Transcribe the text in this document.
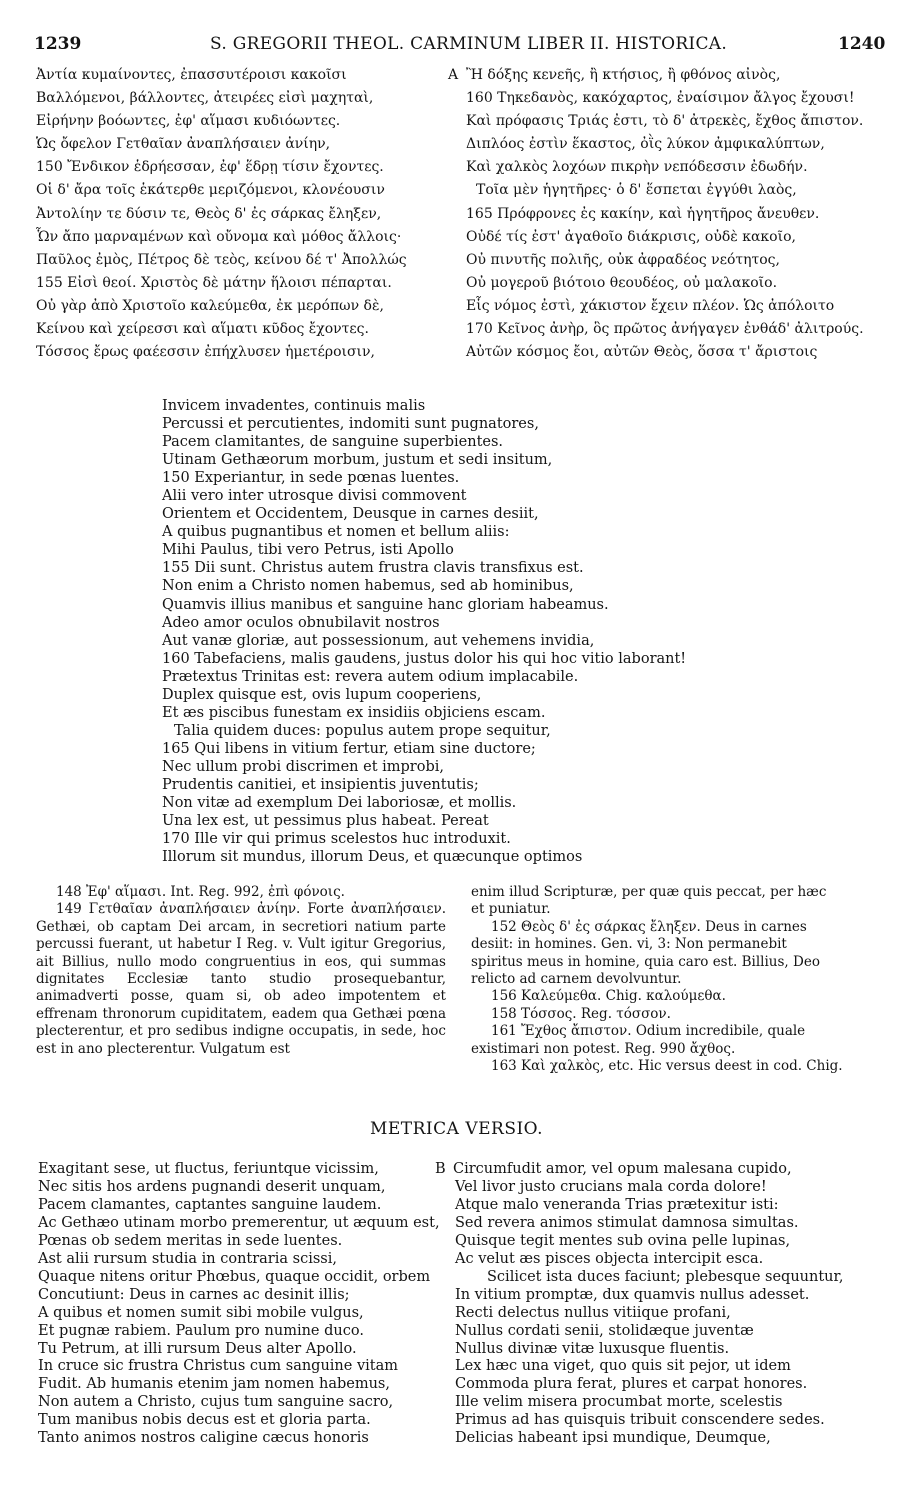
1239	S. GREGORII THEOL. CARMINUM LIBER II. HISTORICA.	1240
Ἀντία κυμαίνοντες, ἐπασσυτέροισι κακοῖσι
Βαλλόμενοι, βάλλοντες, ἀτειρέες εἰσὶ μαχηταὶ,
Εἰρήνην βοόωντες, ἐφ' αἵμασι κυδιόωντες.
Ὡς ὄφελον Γετθαῖαν ἀναπλήσαιεν ἀνίην,
150 Ἔνδικον ἑδρήεσσαν, ἐφ' ἕδρῃ τίσιν ἔχοντες.
Οἱ δ' ἄρα τοῖς ἑκάτερθε μεριζόμενοι, κλονέουσιν
Ἀντολίην τε δύσιν τε, Θεὸς δ' ἐς σάρκας ἔληξεν,
Ὧν ἄπο μαρναμένων καὶ οὔνομα καὶ μόθος ἄλλοις·
Παῦλος ἐμὸς, Πέτρος δὲ τεὸς, κείνου δέ τ' Ἀπολλώς
155 Εἰσὶ θεοί. Χριστὸς δὲ μάτην ἥλοισι πέπαρται.
Οὐ γὰρ ἀπὸ Χριστοῖο καλεύμεθα, ἐκ μερόπων δὲ,
Κείνου καὶ χείρεσσι καὶ αἵματι κῦδος ἔχοντες.
Τόσσος ἔρως φαέεσσιν ἐπήχλυσεν ἡμετέροισιν,
A Ἢ δόξης κενεῆς, ἢ κτήσιος, ἢ φθόνος αἰνὸς,
160 Τηκεδανὸς, κακόχαρτος, ἐναίσιμον ἄλγος ἔχουσι!
Καὶ πρόφασις Τριάς ἐστι, τὸ δ' ἀτρεκὲς, ἔχθος ἄπιστον.
Διπλόος ἐστὶν ἕκαστος, ὀῒς λύκον ἀμφικαλύπτων,
Καὶ χαλκὸς λοχόων πικρὴν νεπόδεσσιν ἐδωδήν.
Τοῖα μὲν ἡγητῆρες· ὁ δ' ἕσπεται ἐγγύθι λαὸς,
165 Πρόφρονες ἐς κακίην, καὶ ἡγητῆρος ἄνευθεν.
Οὐδέ τίς ἐστ' ἀγαθοῖο διάκρισις, οὐδὲ κακοῖο,
Οὐ πινυτῆς πολιῆς, οὐκ ἀφραδέος νεότητος,
Οὐ μογεροῦ βιότοιο θεουδέος, οὐ μαλακοῖο.
Εἷς νόμος ἐστὶ, χάκιστον ἔχειν πλέον. Ὡς ἀπόλοιτο
170 Κεῖνος ἀνὴρ, ὃς πρῶτος ἀνήγαγεν ἐνθάδ' ἀλιτρούς.
Αὐτῶν κόσμος ἔοι, αὐτῶν Θεὸς, ὅσσα τ' ἄριστοις
Invicem invadentes, continuis malis
Percussi et percutientes, indomiti sunt pugnatores,
Pacem clamitantes, de sanguine superbientes.
Utinam Gethæorum morbum, justum et sedi insitum,
150 Experiantur, in sede pœnas luentes.
Alii vero inter utrosque divisi commovent
Orientem et Occidentem, Deusque in carnes desiit,
A quibus pugnantibus et nomen et bellum aliis:
Mihi Paulus, tibi vero Petrus, isti Apollo
155 Dii sunt. Christus autem frustra clavis transfixus est.
Non enim a Christo nomen habemus, sed ab hominibus,
Quamvis illius manibus et sanguine hanc gloriam habeamus.
Adeo amor oculos obnubilavit nostros
Aut vanæ gloriæ, aut possessionum, aut vehemens invidia,
160 Tabefaciens, malis gaudens, justus dolor his qui hoc vitio laborant!
Prætextus Trinitas est: revera autem odium implacabile.
Duplex quisque est, ovis lupum cooperiens,
Et æs piscibus funestam ex insidiis objiciens escam.
Talia quidem duces: populus autem prope sequitur,
165 Qui libens in vitium fertur, etiam sine ductore;
Nec ullum probi discrimen et improbi,
Prudentis canitiei, et insipientis juventutis;
Non vitæ ad exemplum Dei laboriosæ, et mollis.
Una lex est, ut pessimus plus habeat. Pereat
170 Ille vir qui primus scelestos huc introduxit.
Illorum sit mundus, illorum Deus, et quæcunque optimos

148 Ἐφ' αἵμασι. Int. Reg. 992, ἐπὶ φόνοις.

149 Γετθαῖαν ἀναπλήσαιεν ἀνίην. Forte ἀναπλήσαιεν. Gethæi, ob captam Dei arcam, in secretiori natium parte percussi fuerant, ut habetur I Reg. v. Vult igitur Gregorius, ait Billius, nullo modo congruentius in eos, qui summas dignitates Ecclesiæ tanto studio prosequebantur, animadverti posse, quam si, ob adeo impotentem et effrenam thronorum cupiditatem, eadem qua Gethæi pœna plecterentur, et pro sedibus indigne occupatis, in sede, hoc est in ano plecterentur. Vulgatum est

enim illud Scripturæ, per quæ quis peccat, per hæc
et puniatur.
152 Θεὸς δ' ἐς σάρκας ἔληξεν. Deus in carnes
desiit: in homines. Gen. vi, 3: Non permanebit
spiritus meus in homine, quia caro est. Billius, Deo
relicto ad carnem devolvuntur.
156 Καλεύμεθα. Chig. καλούμεθα.
158 Τόσσος. Reg. τόσσον.
161 Ἔχθος ἄπιστον. Odium incredibile, quale
existimari non potest. Reg. 990 ἄχθος.
163 Καὶ χαλκὸς, etc. Hic versus deest in cod. Chig.
METRICA VERSIO.
Exagitant sese, ut fluctus, feriuntque vicissim,
Nec sitis hos ardens pugnandi deserit unquam,
Pacem clamantes, captantes sanguine laudem.
Ac Gethæo utinam morbo premerentur, ut æquum est,
Pœnas ob sedem meritas in sede luentes.
Ast alii rursum studia in contraria scissi,
Quaque nitens oritur Phœbus, quaque occidit, orbem
Concutiunt: Deus in carnes ac desinit illis;
A quibus et nomen sumit sibi mobile vulgus,
Et pugnæ rabiem. Paulum pro numine duco.
Tu Petrum, at illi rursum Deus alter Apollo.
In cruce sic frustra Christus cum sanguine vitam
Fudit. Ab humanis etenim jam nomen habemus,
Non autem a Christo, cujus tum sanguine sacro,
Tum manibus nobis decus est et gloria parta.
Tanto animos nostros caligine cæcus honoris
B Circumfudit amor, vel opum malesana cupido,
Vel livor justo crucians mala corda dolore!
Atque malo veneranda Trias prætexitur isti:
Sed revera animos stimulat damnosa simultas.
Quisque tegit mentes sub ovina pelle lupinas,
Ac velut æs pisces objecta intercipit esca.
Scilicet ista duces faciunt; plebesque sequuntur,
In vitium promptæ, dux quamvis nullus adesset.
Recti delectus nullus vitiique profani,
Nullus cordati senii, stolidæque juventæ
Nullus divinæ vitæ luxusque fluentis.
Lex hæc una viget, quo quis sit pejor, ut idem
Commoda plura ferat, plures et carpat honores.
Ille velim misera procumbat morte, scelestis
Primus ad has quisquis tribuit conscendere sedes.
Delicias habeant ipsi mundique, Deumque,
